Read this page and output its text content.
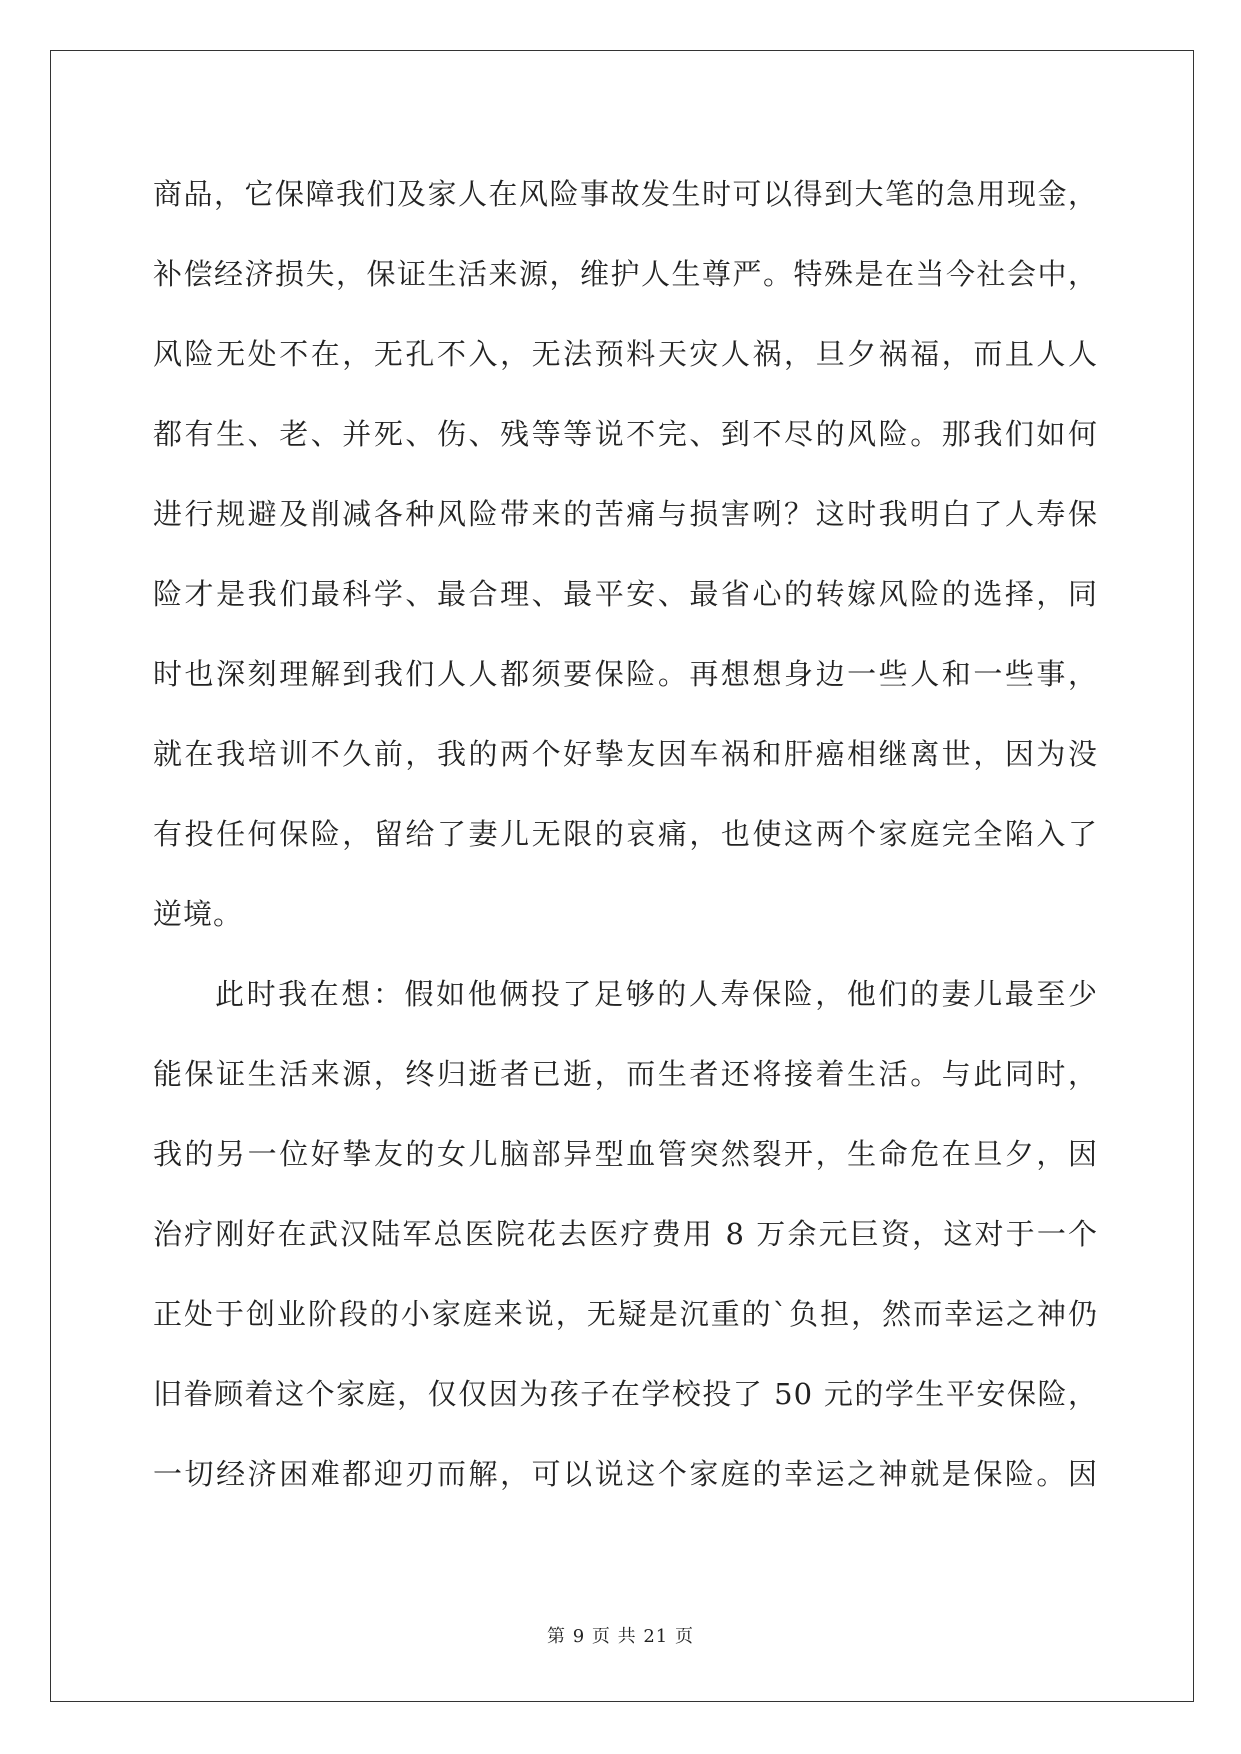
商品，它保障我们及家人在风险事故发生时可以得到大笔的急用现金，
补偿经济损失，保证生活来源，维护人生尊严。特殊是在当今社会中，
风险无处不在，无孔不入，无法预料天灾人祸，旦夕祸福，而且人人
都有生、老、并死、伤、残等等说不完、到不尽的风险。那我们如何
进行规避及削减各种风险带来的苦痛与损害咧？这时我明白了人寿保
险才是我们最科学、最合理、最平安、最省心的转嫁风险的选择，同
时也深刻理解到我们人人都须要保险。再想想身边一些人和一些事，
就在我培训不久前，我的两个好挚友因车祸和肝癌相继离世，因为没
有投任何保险，留给了妻儿无限的哀痛，也使这两个家庭完全陷入了
逆境。
此时我在想：假如他俩投了足够的人寿保险，他们的妻儿最至少
能保证生活来源，终归逝者已逝，而生者还将接着生活。与此同时，
我的另一位好挚友的女儿脑部异型血管突然裂开，生命危在旦夕，因
治疗刚好在武汉陆军总医院花去医疗费用 8 万余元巨资，这对于一个
正处于创业阶段的小家庭来说，无疑是沉重的`负担，然而幸运之神仍
旧眷顾着这个家庭，仅仅因为孩子在学校投了 50 元的学生平安保险，
一切经济困难都迎刃而解，可以说这个家庭的幸运之神就是保险。因
第 9 页 共 21 页
